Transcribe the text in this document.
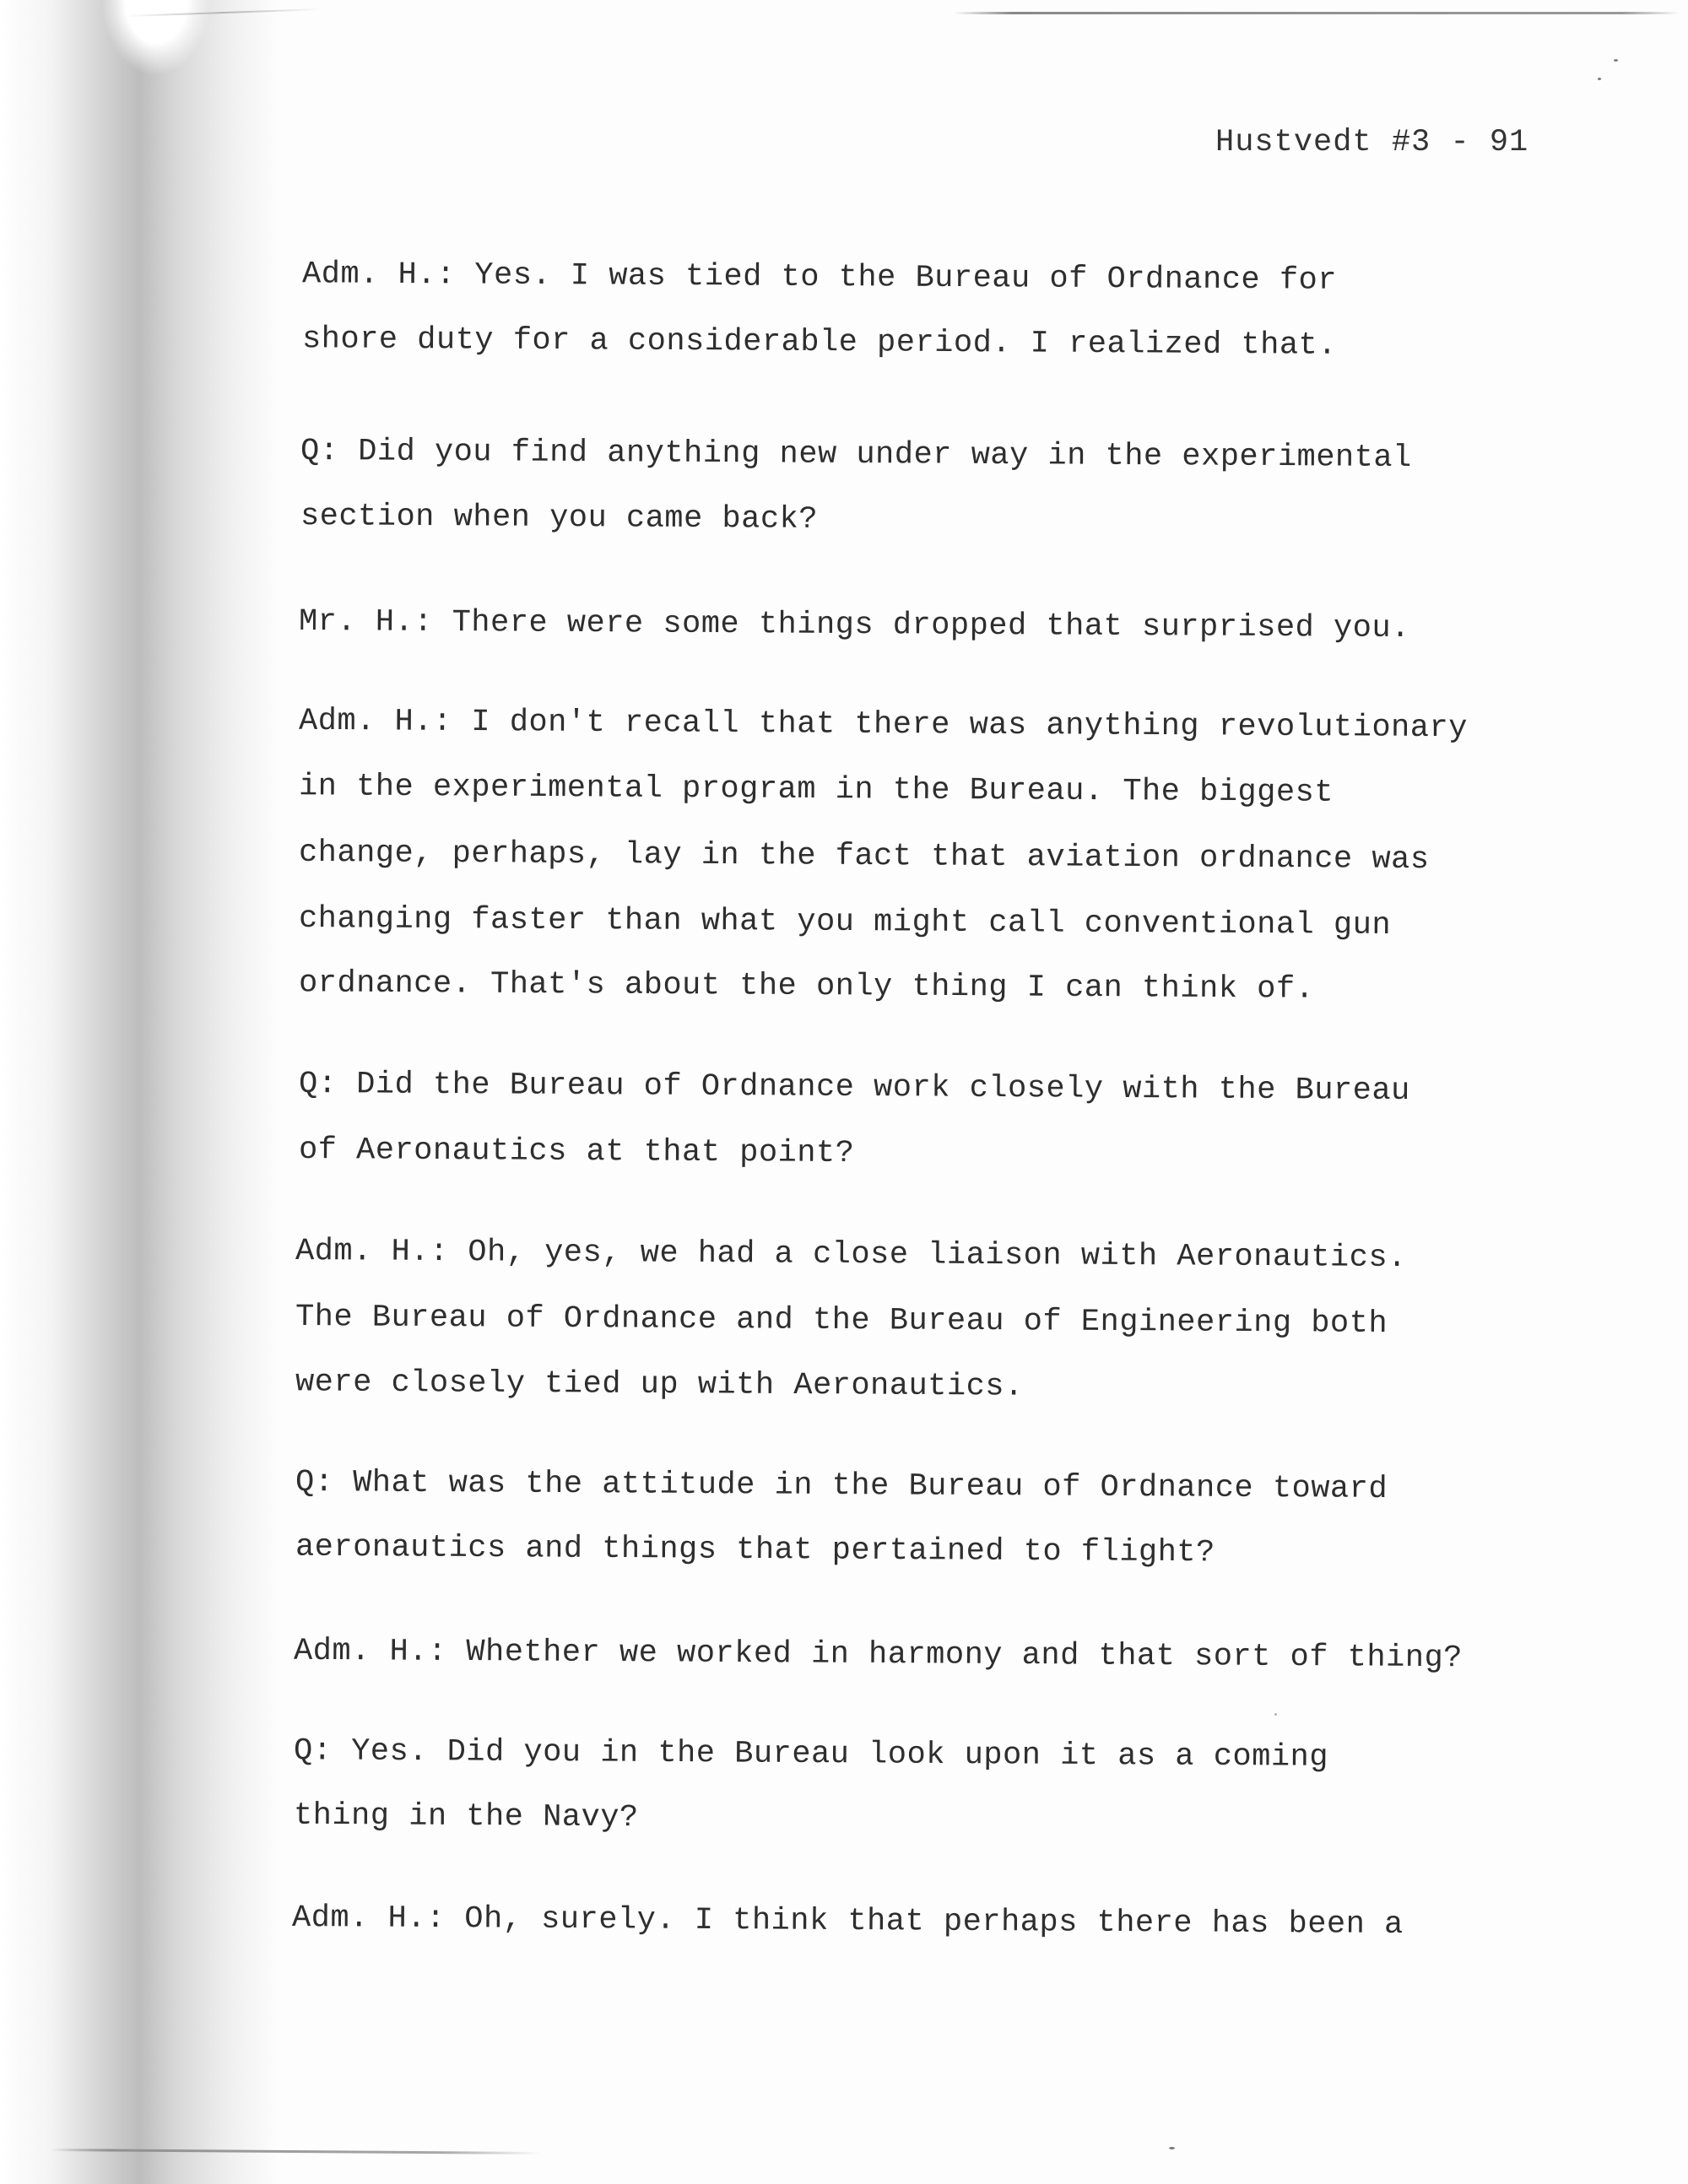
Hustvedt #3 - 91
Adm. H.: Yes. I was tied to the Bureau of Ordnance for
shore duty for a considerable period. I realized that.
Q: Did you find anything new under way in the experimental
section when you came back?
Mr. H.: There were some things dropped that surprised you.
Adm. H.: I don't recall that there was anything revolutionary
in the experimental program in the Bureau. The biggest
change, perhaps, lay in the fact that aviation ordnance was
changing faster than what you might call conventional gun
ordnance. That's about the only thing I can think of.
Q: Did the Bureau of Ordnance work closely with the Bureau
of Aeronautics at that point?
Adm. H.: Oh, yes, we had a close liaison with Aeronautics.
The Bureau of Ordnance and the Bureau of Engineering both
were closely tied up with Aeronautics.
Q: What was the attitude in the Bureau of Ordnance toward
aeronautics and things that pertained to flight?
Adm. H.: Whether we worked in harmony and that sort of thing?
Q: Yes. Did you in the Bureau look upon it as a coming
thing in the Navy?
Adm. H.: Oh, surely. I think that perhaps there has been a
